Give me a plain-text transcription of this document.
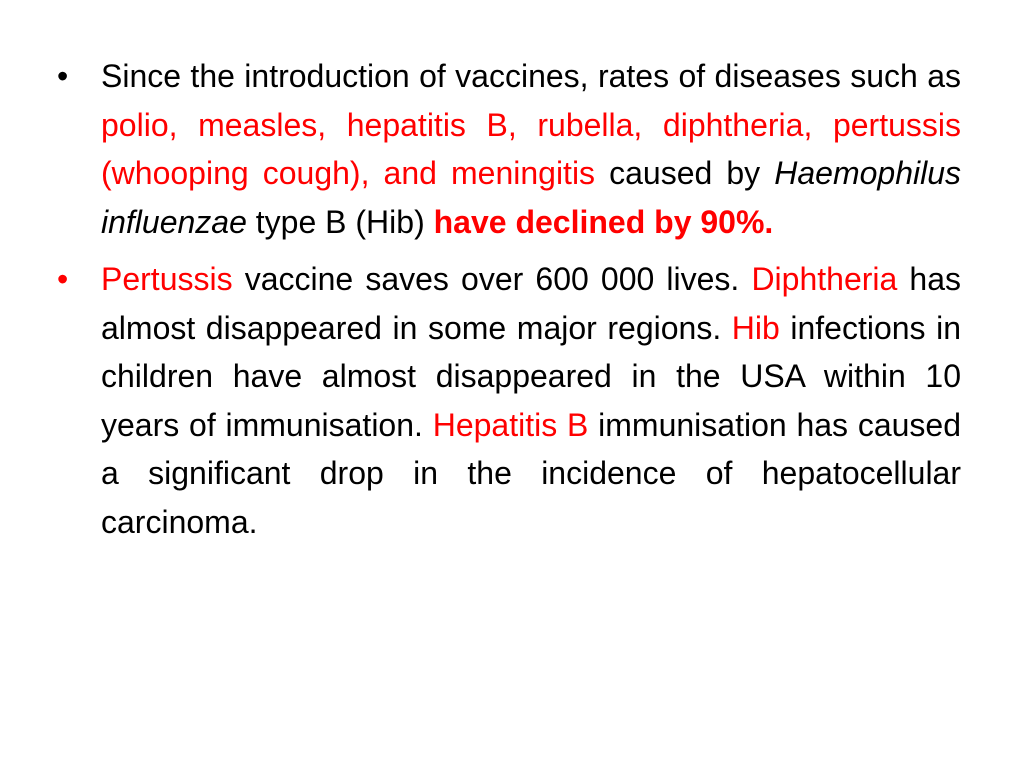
•	Since the introduction of vaccines, rates of diseases such as polio, measles, hepatitis B, rubella, diphtheria, pertussis (whooping cough), and meningitis caused by Haemophilus influenzae type B (Hib) have declined by 90%.
•	Pertussis vaccine saves over 600 000 lives. Diphtheria has almost disappeared in some major regions. Hib infections in children have almost disappeared in the USA within 10 years of immunisation. Hepatitis B immunisation has caused a significant drop in the incidence of hepatocellular carcinoma.
